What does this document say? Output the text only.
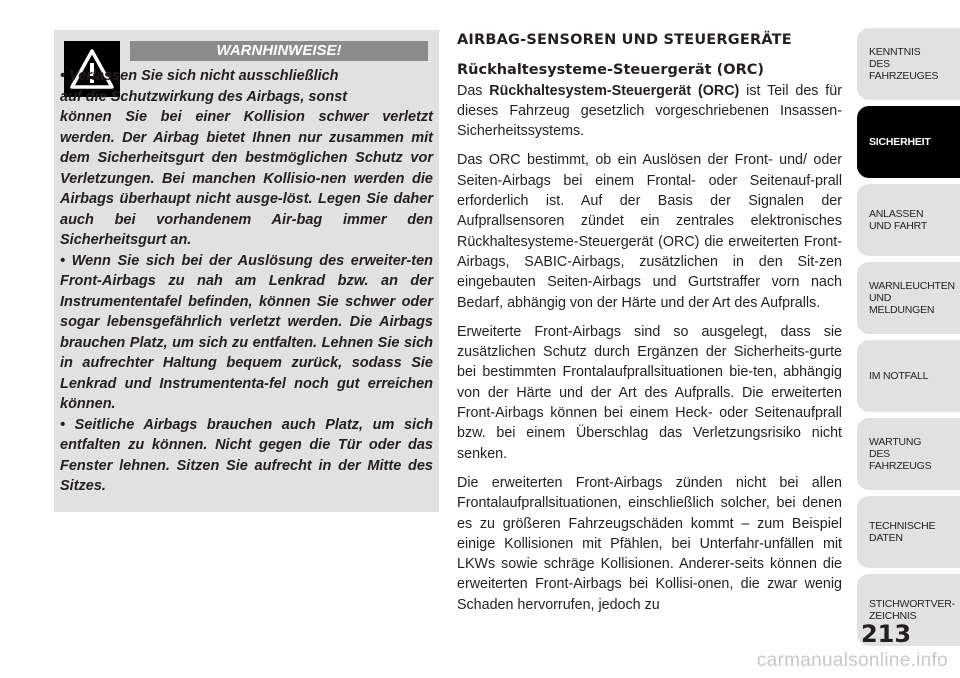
WARNHINWEISE!

• Verlassen Sie sich nicht ausschließlich

auf die Schutzwirkung des Airbags, sonst

können Sie bei einer Kollision schwer verletzt werden. Der Airbag bietet Ihnen nur zusammen mit dem Sicherheitsgurt den bestmöglichen Schutz vor Verletzungen. Bei manchen Kollisio-nen werden die Airbags überhaupt nicht ausge-löst. Legen Sie daher auch bei vorhandenem Air-bag immer den Sicherheitsgurt an.

• Wenn Sie sich bei der Auslösung des erweiter-ten Front-Airbags zu nah am Lenkrad bzw. an der Instrumententafel befinden, können Sie schwer oder sogar lebensgefährlich verletzt werden. Die Airbags brauchen Platz, um sich zu entfalten. Lehnen Sie sich in aufrechter Haltung bequem zurück, sodass Sie Lenkrad und Instrumententa-fel noch gut erreichen können.

• Seitliche Airbags brauchen auch Platz, um sich entfalten zu können. Nicht gegen die Tür oder das Fenster lehnen. Sitzen Sie aufrecht in der Mitte des Sitzes.

AIRBAG-SENSOREN UND STEUERGERÄTE
Rückhaltesysteme-Steuergerät (ORC)

Das Rückhaltesystem-Steuergerät (ORC) ist Teil des für dieses Fahrzeug gesetzlich vorgeschriebenen Insassen-Sicherheitssystems.

Das ORC bestimmt, ob ein Auslösen der Front- und/ oder Seiten-Airbags bei einem Frontal- oder Seitenauf-prall erforderlich ist. Auf der Basis der Signalen der Aufprallsensoren zündet ein zentrales elektronisches Rückhaltesysteme-Steuergerät (ORC) die erweiterten Front-Airbags, SABIC-Airbags, zusätzlichen in den Sit-zen eingebauten Seiten-Airbags und Gurtstraffer vorn nach Bedarf, abhängig von der Härte und der Art des Aufpralls.

Erweiterte Front-Airbags sind so ausgelegt, dass sie zusätzlichen Schutz durch Ergänzen der Sicherheits-gurte bei bestimmten Frontalaufprallsituationen bie-ten, abhängig von der Härte und der Art des Aufpralls. Die erweiterten Front-Airbags können bei einem Heck- oder Seitenaufprall bzw. bei einem Überschlag das Verletzungsrisiko nicht senken.

Die erweiterten Front-Airbags zünden nicht bei allen Frontalaufprallsituationen, einschließlich solcher, bei denen es zu größeren Fahrzeugschäden kommt – zum Beispiel einige Kollisionen mit Pfählen, bei Unterfahr-unfällen mit LKWs sowie schräge Kollisionen. Anderer-seits können die erweiterten Front-Airbags bei Kollisi-onen, die zwar wenig Schaden hervorrufen, jedoch zu

KENNTNIS
DES
FAHRZEUGES
SICHERHEIT
ANLASSEN
UND FAHRT
WARNLEUCHTEN
UND
MELDUNGEN
IM NOTFALL
WARTUNG
DES
FAHRZEUGS
TECHNISCHE
DATEN
STICHWORTVER-
ZEICHNIS
213
carmanualsonline.info
